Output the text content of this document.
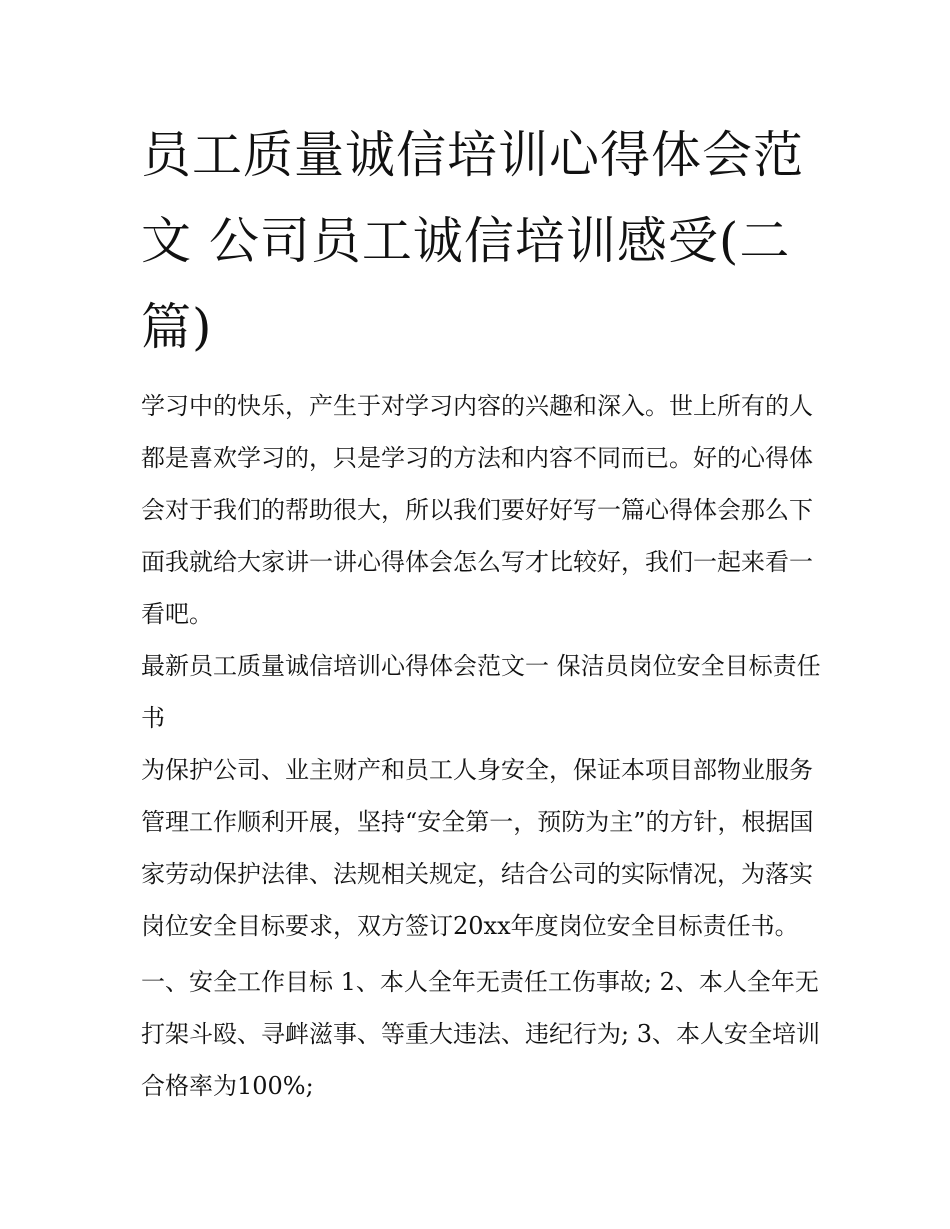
员工质量诚信培训心得体会范文 公司员工诚信培训感受(二篇)

学习中的快乐，产生于对学习内容的兴趣和深入。世上所有的人都是喜欢学习的，只是学习的方法和内容不同而已。好的心得体会对于我们的帮助很大，所以我们要好好写一篇心得体会那么下面我就给大家讲一讲心得体会怎么写才比较好，我们一起来看一看吧。

最新员工质量诚信培训心得体会范文一 保洁员岗位安全目标责任书

为保护公司、业主财产和员工人身安全，保证本项目部物业服务管理工作顺利开展，坚持“安全第一，预防为主”的方针，根据国家劳动保护法律、法规相关规定，结合公司的实际情况，为落实岗位安全目标要求，双方签订20xx年度岗位安全目标责任书。

一、安全工作目标 1、本人全年无责任工伤事故; 2、本人全年无打架斗殴、寻衅滋事、等重大违法、违纪行为; 3、本人安全培训合格率为100%;
